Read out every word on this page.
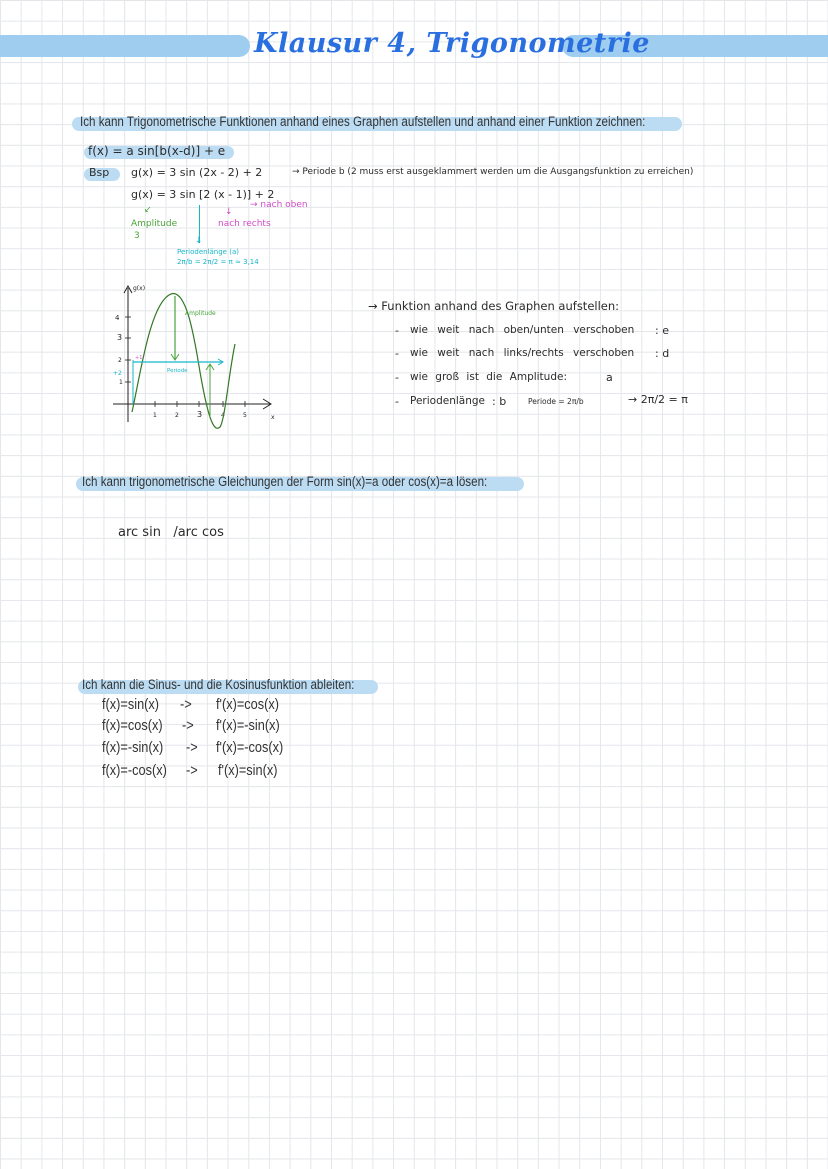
Klausur 4, Trigonometrie
Ich kann Trigonometrische Funktionen anhand eines Graphen aufstellen und anhand einer Funktion zeichnen:
f(x) = a sin[b(x-d)] + e
Bsp g(x) = 3 sin (2x - 2) + 2	→ Periode b (2 muss erst ausgeklammert werden um die Ausgangsfunktion zu erreichen)
g(x) = 3 sin [2 (x - 1)] + 2
→ nach oben
nach rechts
↓
↙
Amplitude
3	↓
Periodenlänge (a)
2π/b = 2π/2 = π ≈ 3,14
g(x)
x
4
3
2
+2
1
1	2 3	4	5
+1
Amplitude
Periode
→ Funktion anhand des Graphen aufstellen:
- wie weit nach oben/unten verschoben : e
- wie weit nach links/rechts verschoben : d
- wie groß ist die Amplitude:	a
- Periodenlänge : b	Periode = 2π/b	→ 2π/2 = π
Ich kann trigonometrische Gleichungen der Form sin(x)=a oder cos(x)=a lösen:
arc sin   /arc cos
Ich kann die Sinus- und die Kosinusfunktion ableiten:
f(x)=sin(x) -> f'(x)=cos(x)
f(x)=cos(x) -> f'(x)=-sin(x)
f(x)=-sin(x) -> f'(x)=-cos(x)
f(x)=-cos(x) -> f'(x)=sin(x)
